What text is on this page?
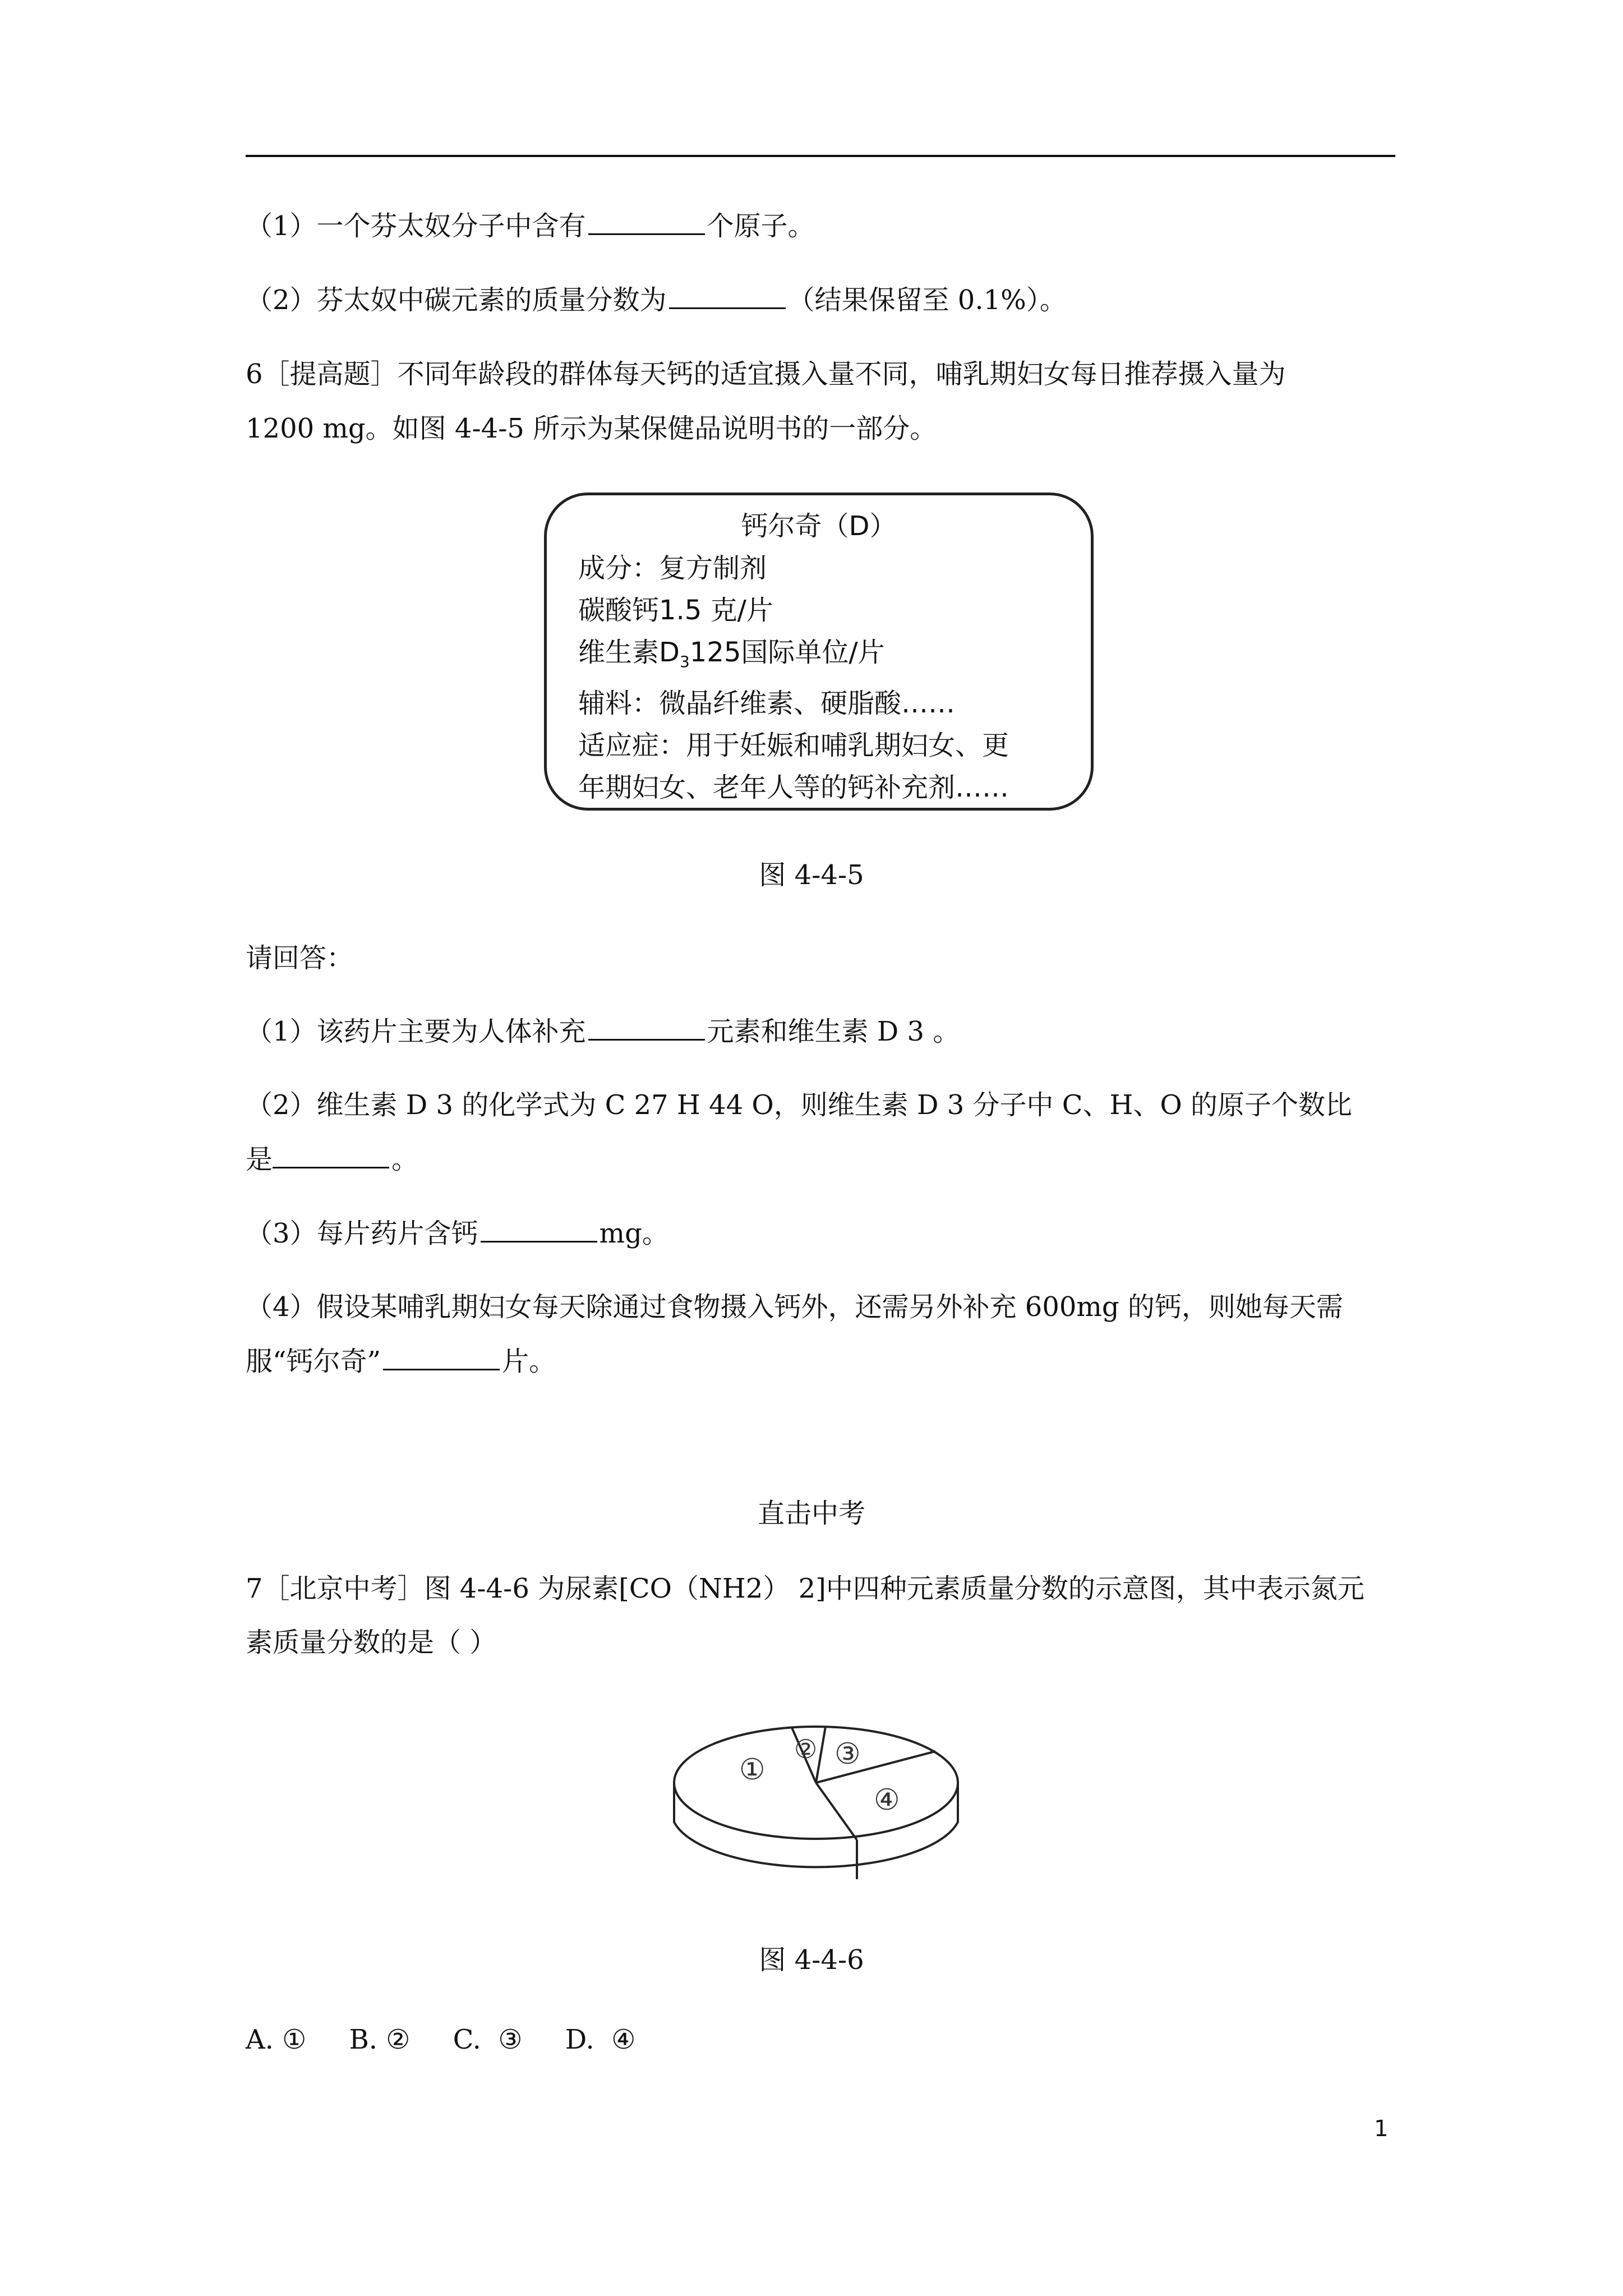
（1）一个芬太奴分子中含有	个原子。
（2）芬太奴中碳元素的质量分数为	（结果保留至 0.1%）。
6［提高题］不同年龄段的群体每天钙的适宜摄入量不同，哺乳期妇女每日推荐摄入量为
1200 mg。如图 4-4-5 所示为某保健品说明书的一部分。
钙尔奇（D）
成分：复方制剂
碳酸钙1.5 克/片
维生素$D_3125$国际单位/片
辅料：微晶纤维素、硬脂酸……
适应症：用于妊娠和哺乳期妇女、更
年期妇女、老年人等的钙补充剂……
图 4-4-5
请回答：
（1）该药片主要为人体补充	元素和维生素 D 3 。
（2）维生素 D 3 的化学式为 C 27 H 44 O，则维生素 D 3 分子中 C、H、O 的原子个数比
是	。
（3）每片药片含钙	mg。
（4）假设某哺乳期妇女每天除通过食物摄入钙外，还需另外补充 600mg 的钙，则她每天需
服“钙尔奇”	片。
直击中考
7［北京中考］图 4-4-6 为尿素[CO（NH2） 2]中四种元素质量分数的示意图，其中表示氮元
素质量分数的是（ ）
①
② ③
④
图 4-4-6
A. ①     B. ②     C.  ③     D.  ④
1
